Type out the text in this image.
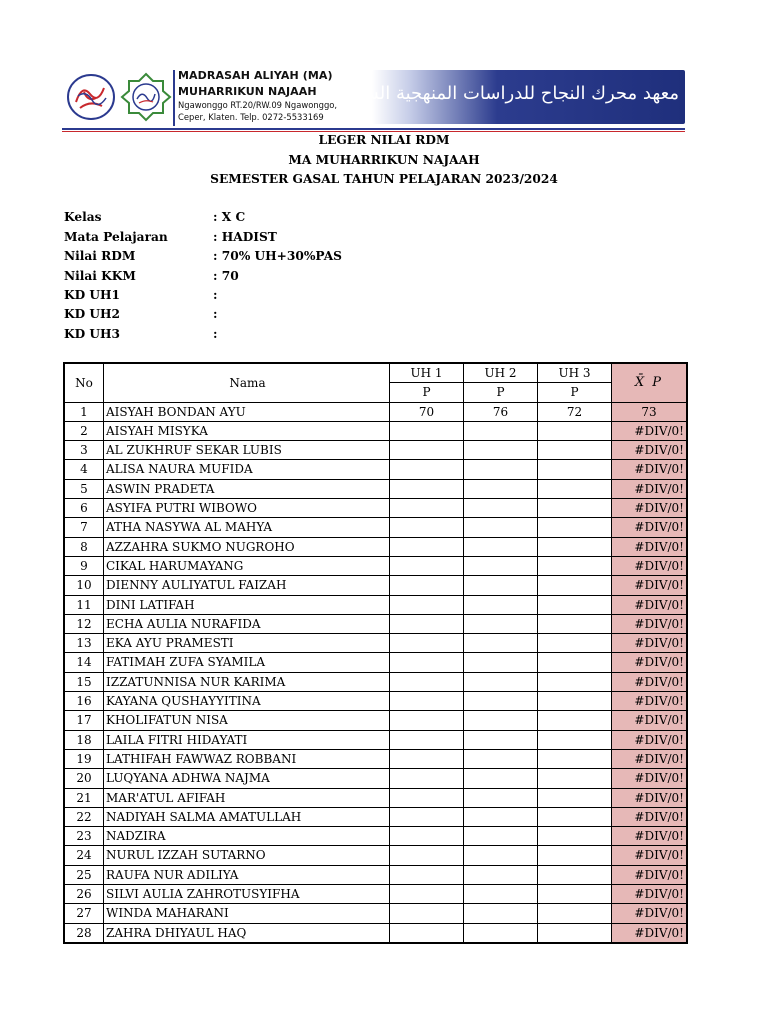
MADRASAH ALIYAH (MA)
MUHARRIKUN NAJAAH
Ngawonggo RT.20/RW.09 Ngawonggo,
Ceper, Klaten. Telp. 0272-5533169
معهد محرك النجاح للدراسات المنهجية السلفية
LEGER NILAI RDM
MA MUHARRIKUN NAJAAH
SEMESTER GASAL TAHUN PELAJARAN 2023/2024
Kelas	: X C
Mata Pelajaran	: HADIST
Nilai RDM	: 70% UH+30%PAS
Nilai KKM	: 70
KD UH1	:
KD UH2	:
KD UH3	:
No	Nama	UH 1	UH 2	UH 3	X̄ P
		P	P	P	
1	AISYAH BONDAN AYU	70	76	72	73
2	AISYAH MISYKA				#DIV/0!
3	AL ZUKHRUF SEKAR LUBIS				#DIV/0!
4	ALISA NAURA MUFIDA				#DIV/0!
5	ASWIN PRADETA				#DIV/0!
6	ASYIFA PUTRI WIBOWO				#DIV/0!
7	ATHA NASYWA AL MAHYA				#DIV/0!
8	AZZAHRA SUKMO NUGROHO				#DIV/0!
9	CIKAL HARUMAYANG				#DIV/0!
10	DIENNY AULIYATUL FAIZAH				#DIV/0!
11	DINI LATIFAH				#DIV/0!
12	ECHA AULIA NURAFIDA				#DIV/0!
13	EKA AYU PRAMESTI				#DIV/0!
14	FATIMAH ZUFA SYAMILA				#DIV/0!
15	IZZATUNNISA NUR KARIMA				#DIV/0!
16	KAYANA QUSHAYYITINA				#DIV/0!
17	KHOLIFATUN NISA				#DIV/0!
18	LAILA FITRI HIDAYATI				#DIV/0!
19	LATHIFAH FAWWAZ ROBBANI				#DIV/0!
20	LUQYANA ADHWA NAJMA				#DIV/0!
21	MAR'ATUL AFIFAH				#DIV/0!
22	NADIYAH SALMA AMATULLAH				#DIV/0!
23	NADZIRA				#DIV/0!
24	NURUL IZZAH SUTARNO				#DIV/0!
25	RAUFA NUR ADILIYA				#DIV/0!
26	SILVI AULIA ZAHROTUSYIFHA				#DIV/0!
27	WINDA MAHARANI				#DIV/0!
28	ZAHRA DHIYAUL HAQ				#DIV/0!
